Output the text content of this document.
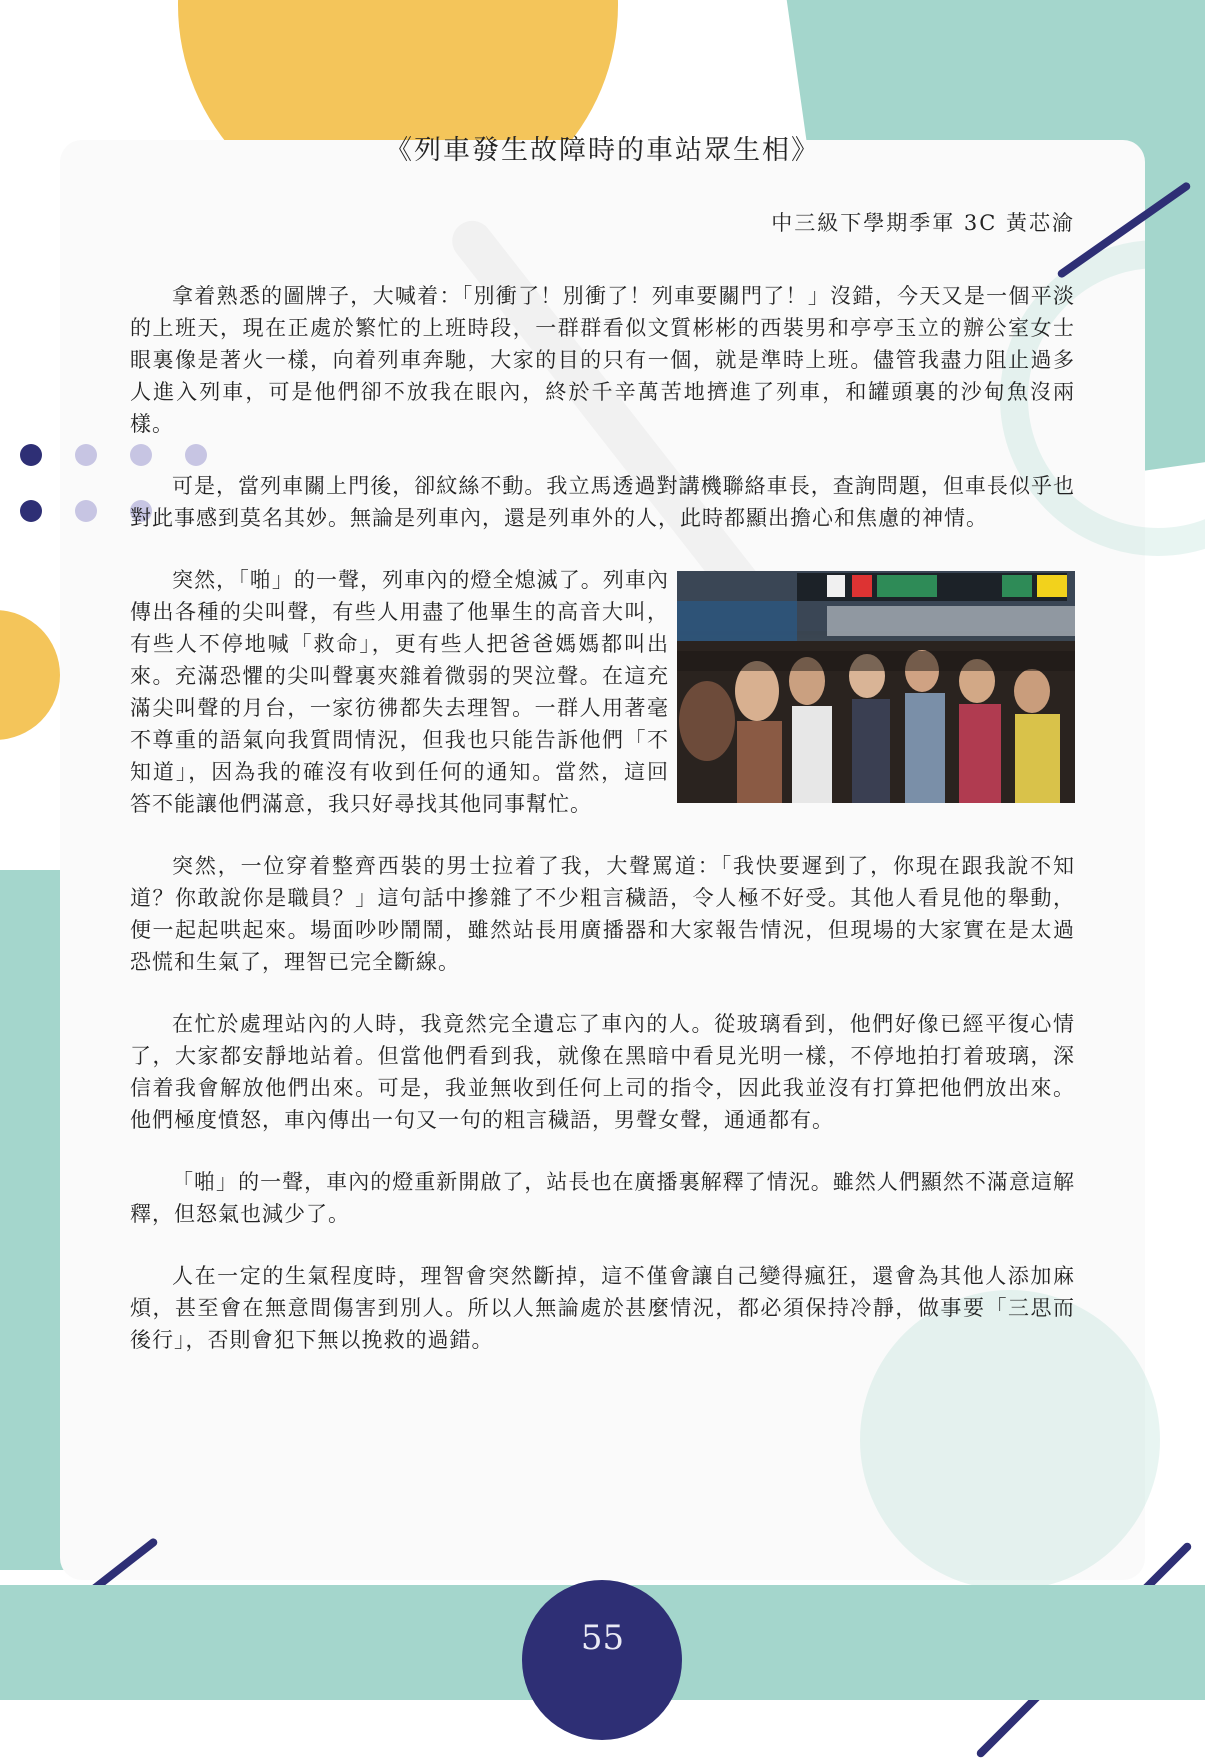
《列車發生故障時的車站眾生相》
中三級下學期季軍 3C 黃芯渝

拿着熟悉的圖牌子，大喊着：「別衝了！別衝了！列車要關門了！」沒錯，今天又是一個平淡的上班天，現在正處於繁忙的上班時段，一群群看似文質彬彬的西裝男和亭亭玉立的辦公室女士眼裏像是著火一樣，向着列車奔馳，大家的目的只有一個，就是準時上班。儘管我盡力阻止過多人進入列車，可是他們卻不放我在眼內，終於千辛萬苦地擠進了列車，和罐頭裏的沙甸魚沒兩樣。

可是，當列車關上門後，卻紋絲不動。我立馬透過對講機聯絡車長，查詢問題，但車長似乎也對此事感到莫名其妙。無論是列車內，還是列車外的人，此時都顯出擔心和焦慮的神情。

突然，「啪」的一聲，列車內的燈全熄滅了。列車內傳出各種的尖叫聲，有些人用盡了他畢生的高音大叫，有些人不停地喊「救命」，更有些人把爸爸媽媽都叫出來。充滿恐懼的尖叫聲裏夾雜着微弱的哭泣聲。在這充滿尖叫聲的月台，一家彷彿都失去理智。一群人用著毫不尊重的語氣向我質問情況，但我也只能告訴他們「不知道」，因為我的確沒有收到任何的通知。當然，這回答不能讓他們滿意，我只好尋找其他同事幫忙。

突然，一位穿着整齊西裝的男士拉着了我，大聲罵道：「我快要遲到了，你現在跟我說不知道？你敢說你是職員？」這句話中摻雜了不少粗言穢語，令人極不好受。其他人看見他的舉動，便一起起哄起來。場面吵吵鬧鬧，雖然站長用廣播器和大家報告情況，但現場的大家實在是太過恐慌和生氣了，理智已完全斷線。

在忙於處理站內的人時，我竟然完全遺忘了車內的人。從玻璃看到，他們好像已經平復心情了，大家都安靜地站着。但當他們看到我，就像在黑暗中看見光明一樣，不停地拍打着玻璃，深信着我會解放他們出來。可是，我並無收到任何上司的指令，因此我並沒有打算把他們放出來。他們極度憤怒，車內傳出一句又一句的粗言穢語，男聲女聲，通通都有。

「啪」的一聲，車內的燈重新開啟了，站長也在廣播裏解釋了情況。雖然人們顯然不滿意這解釋，但怒氣也減少了。

人在一定的生氣程度時，理智會突然斷掉，這不僅會讓自己變得瘋狂，還會為其他人添加麻煩，甚至會在無意間傷害到別人。所以人無論處於甚麼情況，都必須保持冷靜，做事要「三思而後行」，否則會犯下無以挽救的過錯。

55
